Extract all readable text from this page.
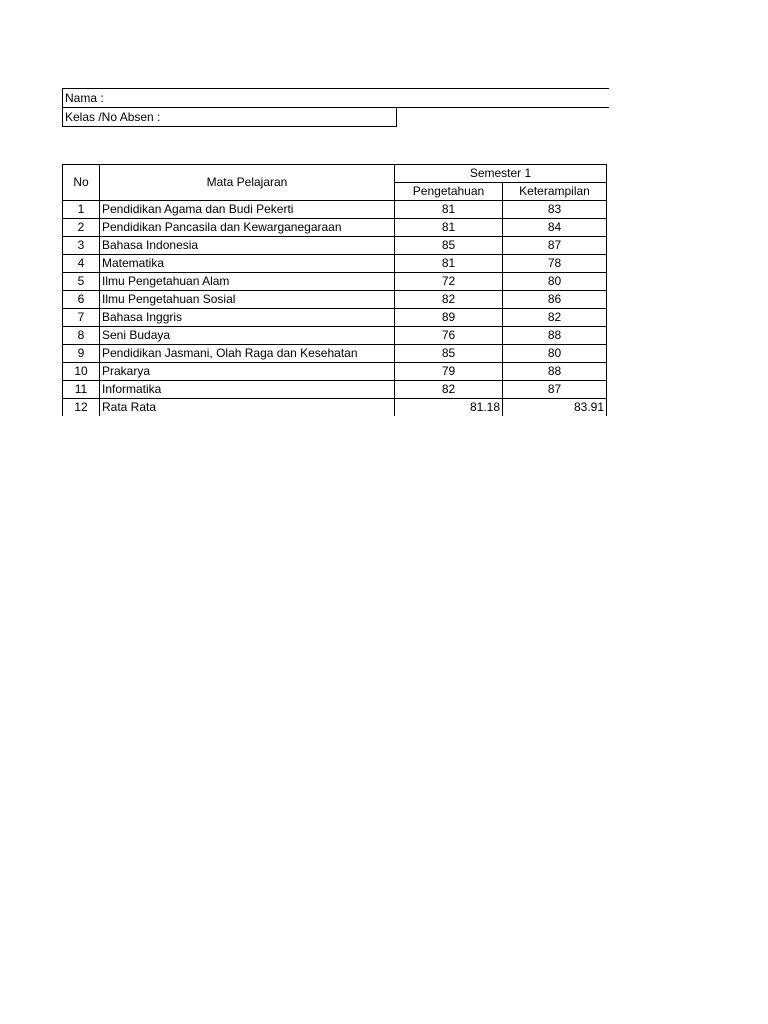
Nama :	
Kelas /No Absen :	
No	Mata Pelajaran	Semester 1	
		Pengetahuan	Keterampilan
1	Pendidikan Agama dan Budi Pekerti	81	83
2	Pendidikan Pancasila dan Kewarganegaraan	81	84
3	Bahasa Indonesia	85	87
4	Matematika	81	78
5	Ilmu Pengetahuan Alam	72	80
6	Ilmu Pengetahuan Sosial	82	86
7	Bahasa Inggris	89	82
8	Seni Budaya	76	88
9	Pendidikan Jasmani, Olah Raga dan Kesehatan	85	80
10	Prakarya	79	88
11	Informatika	82	87
12	Rata Rata	81.18	83.91
